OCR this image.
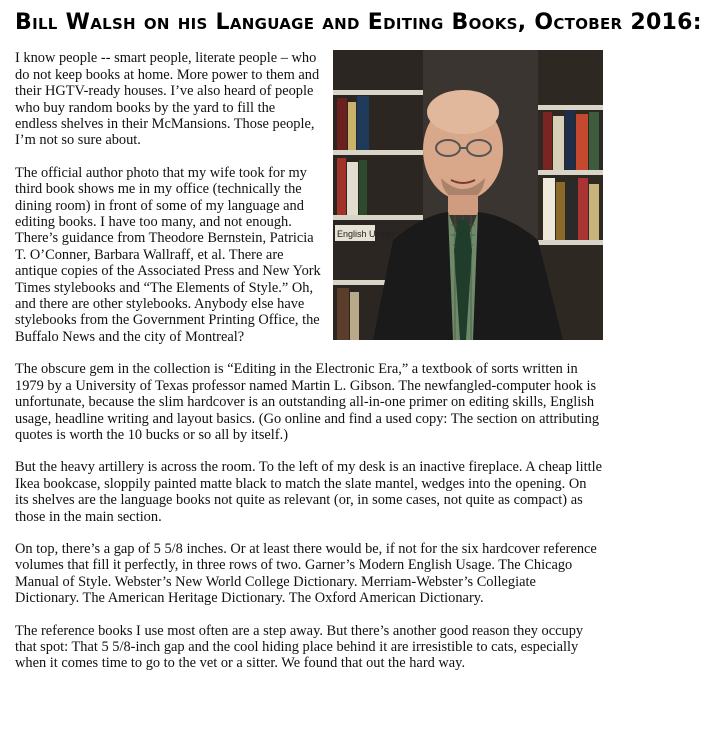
Bill Walsh on his Language and Editing Books, October 2016:
English Usage

I know people -- smart people, literate people – who do not keep books at home. More power to them and their HGTV-ready houses. I’ve also heard of people who buy random books by the yard to fill the endless shelves in their McMansions. Those people, I’m not so sure about.

The official author photo that my wife took for my third book shows me in my office (technically the dining room) in front of some of my language and editing books. I have too many, and not enough. There’s guidance from Theodore Bernstein, Patricia T. O’Conner, Barbara Wallraff, et al. There are antique copies of the Associated Press and New York Times stylebooks and “The Elements of Style.” Oh, and there are other stylebooks. Anybody else have stylebooks from the Government Printing Office, the Buffalo News and the city of Montreal?

The obscure gem in the collection is “Editing in the Electronic Era,” a textbook of sorts written in 1979 by a University of Texas professor named Martin L. Gibson. The newfangled-computer hook is unfortunate, because the slim hardcover is an outstanding all-in-one primer on editing skills, English usage, headline writing and layout basics. (Go online and find a used copy: The section on attributing quotes is worth the 10 bucks or so all by itself.)

But the heavy artillery is across the room. To the left of my desk is an inactive fireplace. A cheap little Ikea bookcase, sloppily painted matte black to match the slate mantel, wedges into the opening. On its shelves are the language books not quite as relevant (or, in some cases, not quite as compact) as those in the main section.

On top, there’s a gap of 5 5/8 inches. Or at least there would be, if not for the six hardcover reference volumes that fill it perfectly, in three rows of two. Garner’s Modern English Usage. The Chicago Manual of Style. Webster’s New World College Dictionary. Merriam-Webster’s Collegiate Dictionary. The American Heritage Dictionary. The Oxford American Dictionary.

The reference books I use most often are a step away. But there’s another good reason they occupy that spot: That 5 5/8-inch gap and the cool hiding place behind it are irresistible to cats, especially when it comes time to go to the vet or a sitter. We found that out the hard way.
